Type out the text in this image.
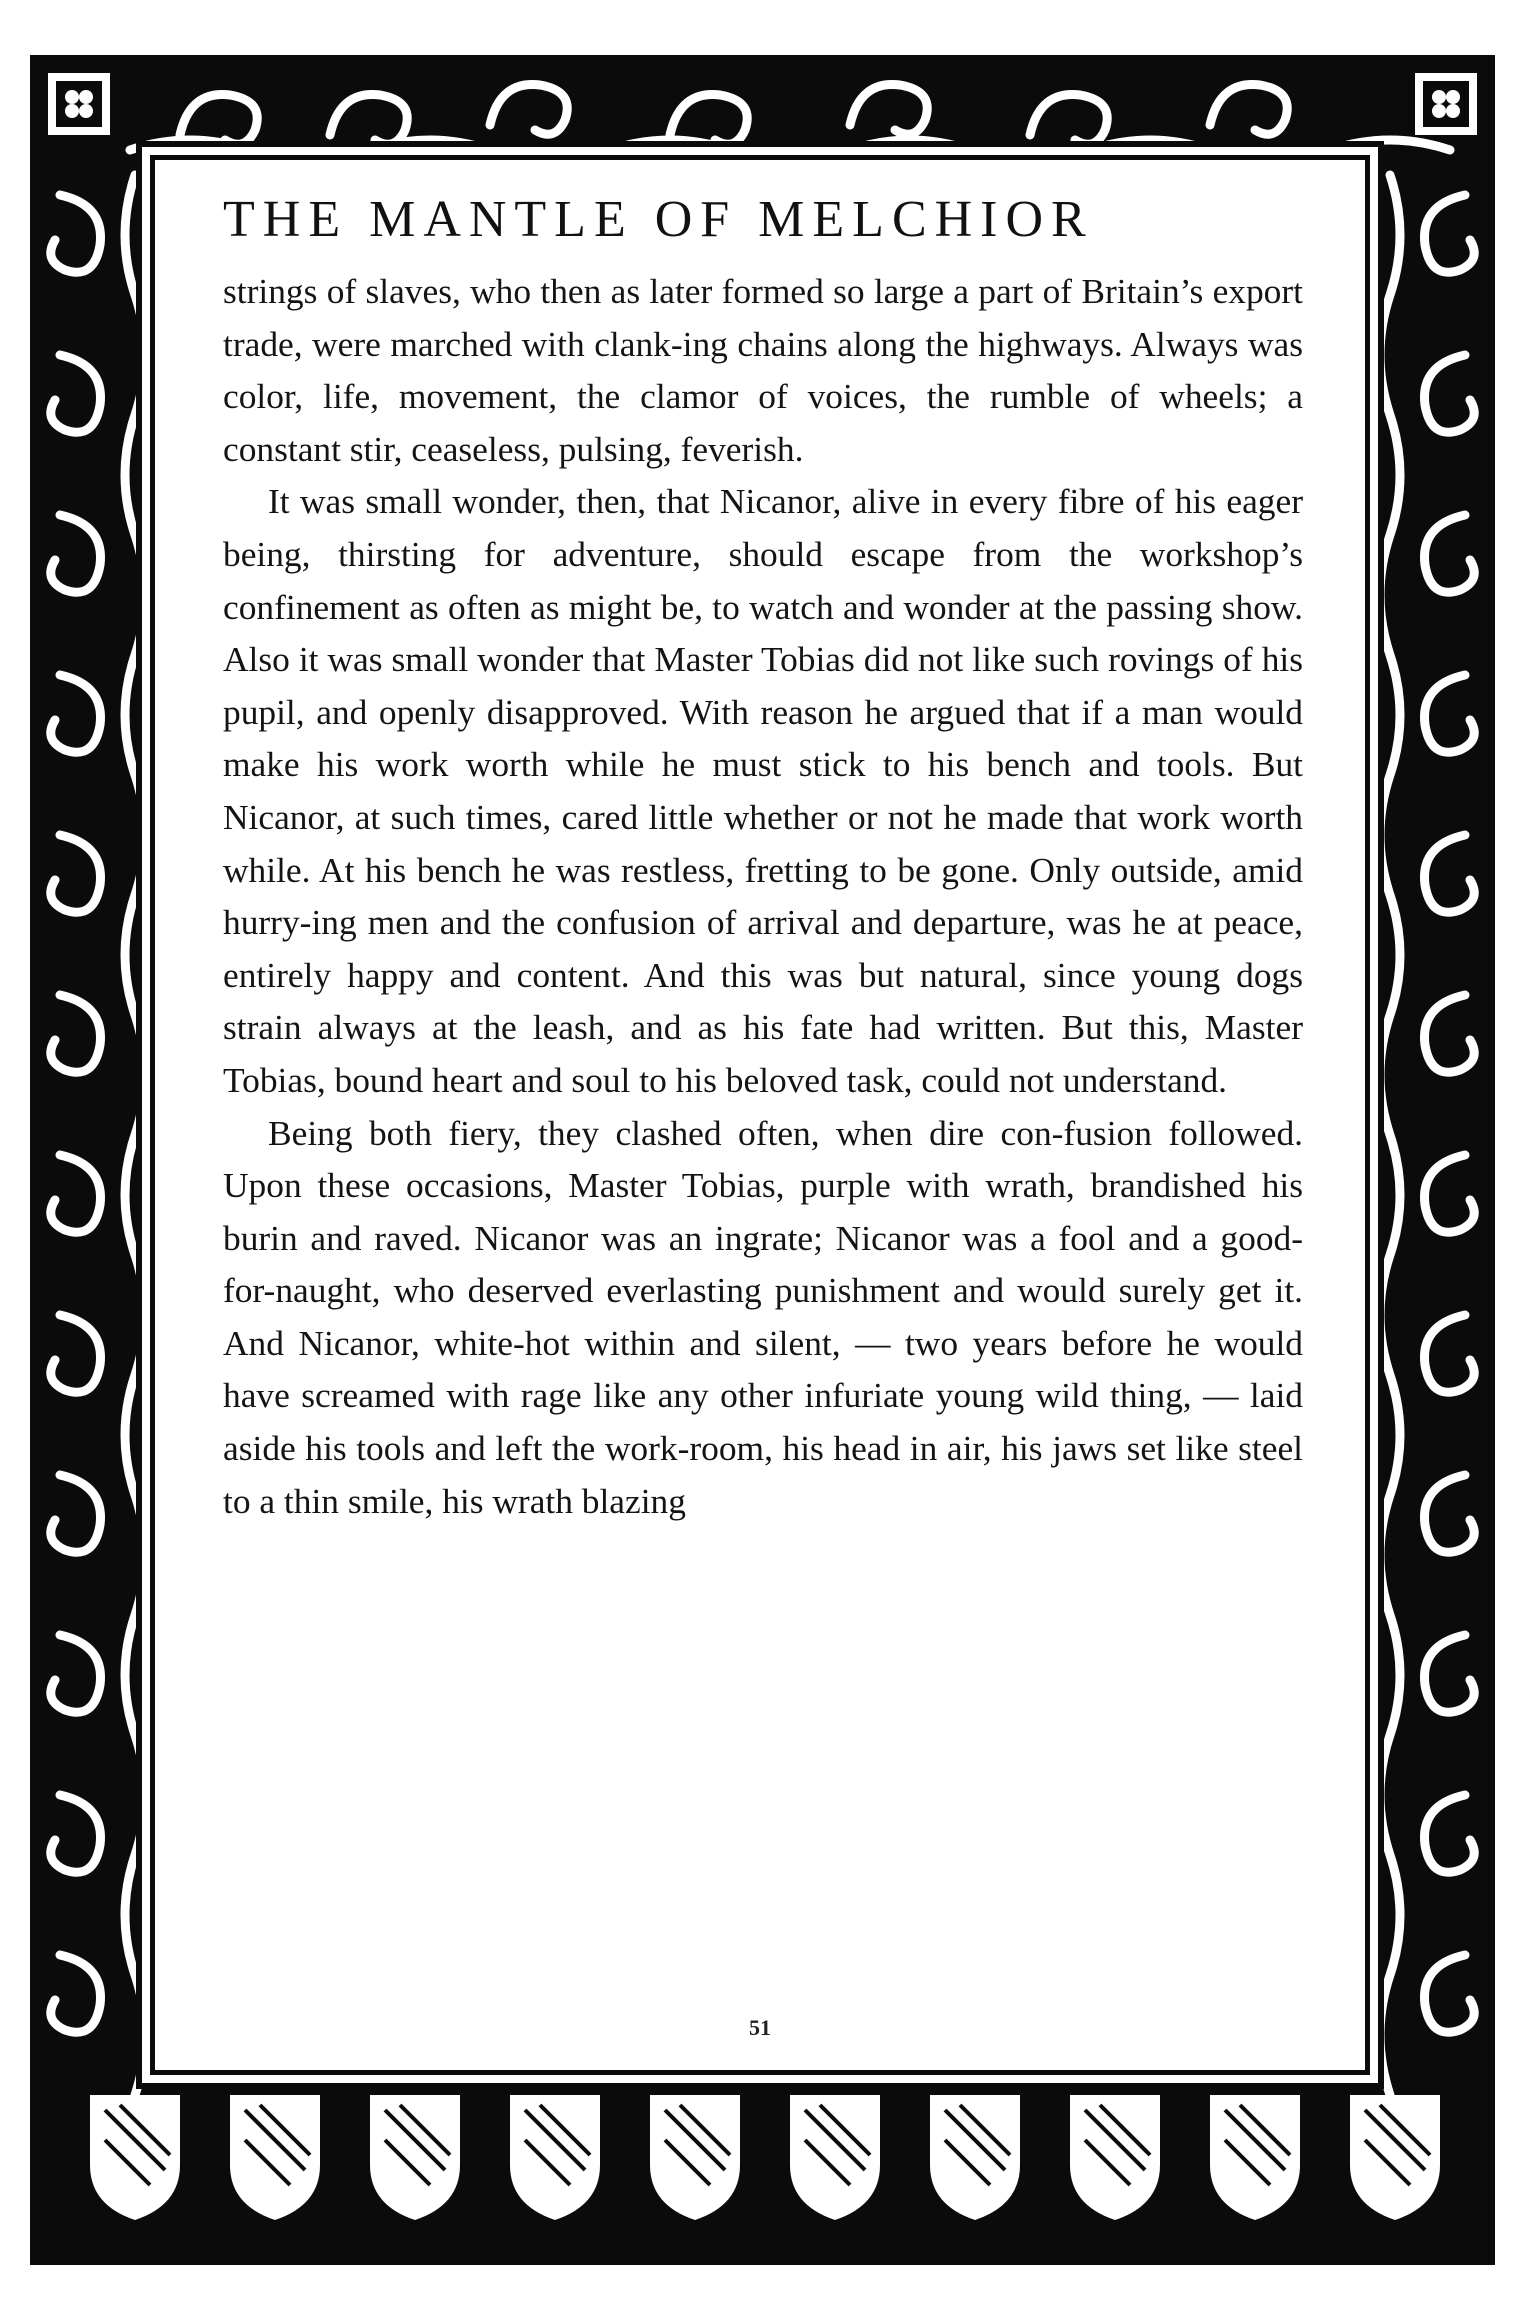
THE MANTLE OF MELCHIOR

strings of slaves, who then as later formed so large a part of Britain’s export trade, were marched with clank-ing chains along the highways. Always was color, life, movement, the clamor of voices, the rumble of wheels; a constant stir, ceaseless, pulsing, feverish.

It was small wonder, then, that Nicanor, alive in every fibre of his eager being, thirsting for adventure, should escape from the workshop’s confinement as often as might be, to watch and wonder at the passing show. Also it was small wonder that Master Tobias did not like such rovings of his pupil, and openly disapproved. With reason he argued that if a man would make his work worth while he must stick to his bench and tools. But Nicanor, at such times, cared little whether or not he made that work worth while. At his bench he was restless, fretting to be gone. Only outside, amid hurry-ing men and the confusion of arrival and departure, was he at peace, entirely happy and content. And this was but natural, since young dogs strain always at the leash, and as his fate had written. But this, Master Tobias, bound heart and soul to his beloved task, could not understand.

Being both fiery, they clashed often, when dire con-fusion followed. Upon these occasions, Master Tobias, purple with wrath, brandished his burin and raved. Nicanor was an ingrate; Nicanor was a fool and a good-for-naught, who deserved everlasting punishment and would surely get it. And Nicanor, white-hot within and silent, — two years before he would have screamed with rage like any other infuriate young wild thing, — laid aside his tools and left the work-room, his head in air, his jaws set like steel to a thin smile, his wrath blazing

51
